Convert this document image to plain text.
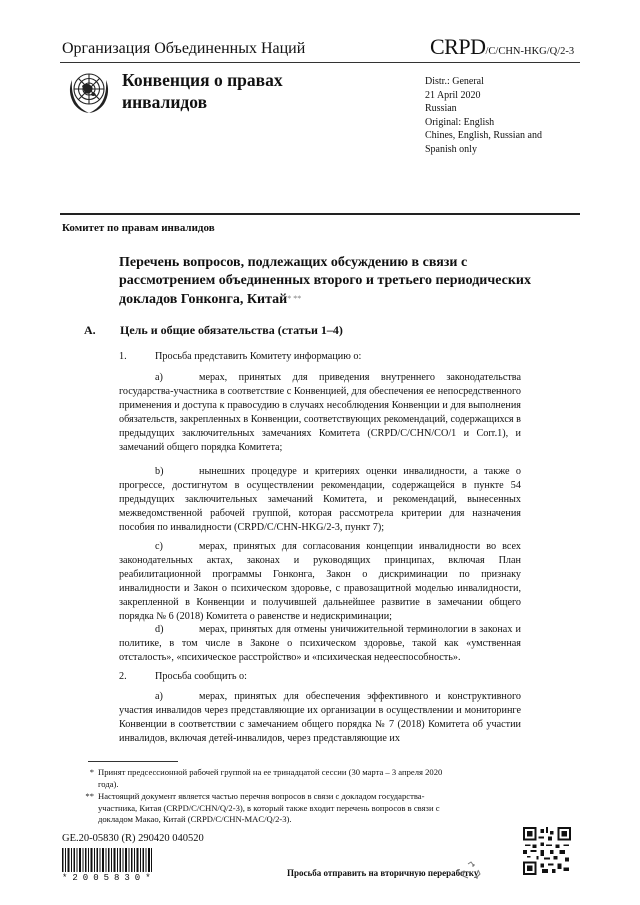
Организация Объединенных Наций	CRPD/C/CHN-HKG/Q/2-3
Конвенция о правах инвалидов
Distr.: General
21 April 2020
Russian
Original: English
Chines, English, Russian and
Spanish only
Комитет по правам инвалидов
Перечень вопросов, подлежащих обсуждению в связи с рассмотрением объединенных второго и третьего периодических докладов Гонконга, Китай* **
A. Цель и общие обязательства (статьи 1–4)
1.	Просьба представить Комитету информацию о:
a)	мерах, принятых для приведения внутреннего законодательства государства-участника в соответствие с Конвенцией, для обеспечения ее непосредственного применения и доступа к правосудию в случаях несоблюдения Конвенции и для выполнения обязательств, закрепленных в Конвенции, соответствующих рекомендаций, содержащихся в предыдущих заключительных замечаниях Комитета (CRPD/C/CHN/CO/1 и Corr.1), и замечаний общего порядка Комитета;
b)	нынешних процедуре и критериях оценки инвалидности, а также о прогрессе, достигнутом в осуществлении рекомендации, содержащейся в пункте 54 предыдущих заключительных замечаний Комитета, и рекомендаций, вынесенных межведомственной рабочей группой, которая рассмотрела критерии для назначения пособия по инвалидности (CRPD/C/CHN-HKG/2-3, пункт 7);
c)	мерах, принятых для согласования концепции инвалидности во всех законодательных актах, законах и руководящих принципах, включая План реабилитационной программы Гонконга, Закон о дискриминации по признаку инвалидности и Закон о психическом здоровье, с правозащитной моделью инвалидности, закрепленной в Конвенции и получившей дальнейшее развитие в замечании общего порядка № 6 (2018) Комитета о равенстве и недискриминации;
d)	мерах, принятых для отмены уничижительной терминологии в законах и политике, в том числе в Законе о психическом здоровье, такой как «умственная отсталость», «психическое расстройство» и «психическая недееспособность».
2.	Просьба сообщить о:
a)	мерах, принятых для обеспечения эффективного и конструктивного участия инвалидов через представляющие их организации в осуществлении и мониторинге Конвенции в соответствии с замечанием общего порядка № 7 (2018) Комитета об участии инвалидов, включая детей-инвалидов, через представляющие их
* Принят предсессионной рабочей группой на ее тринадцатой сессии (30 марта – 3 апреля 2020 года).
** Настоящий документ является частью перечня вопросов в связи с докладом государства-участника, Китая (CRPD/C/CHN/Q/2-3), в который также входит перечень вопросов в связи с докладом Макао, Китай (CRPD/C/CHN-MAC/Q/2-3).
GE.20-05830 (R) 290420 040520
*2005830*	Просьба отправить на вторичную переработку
